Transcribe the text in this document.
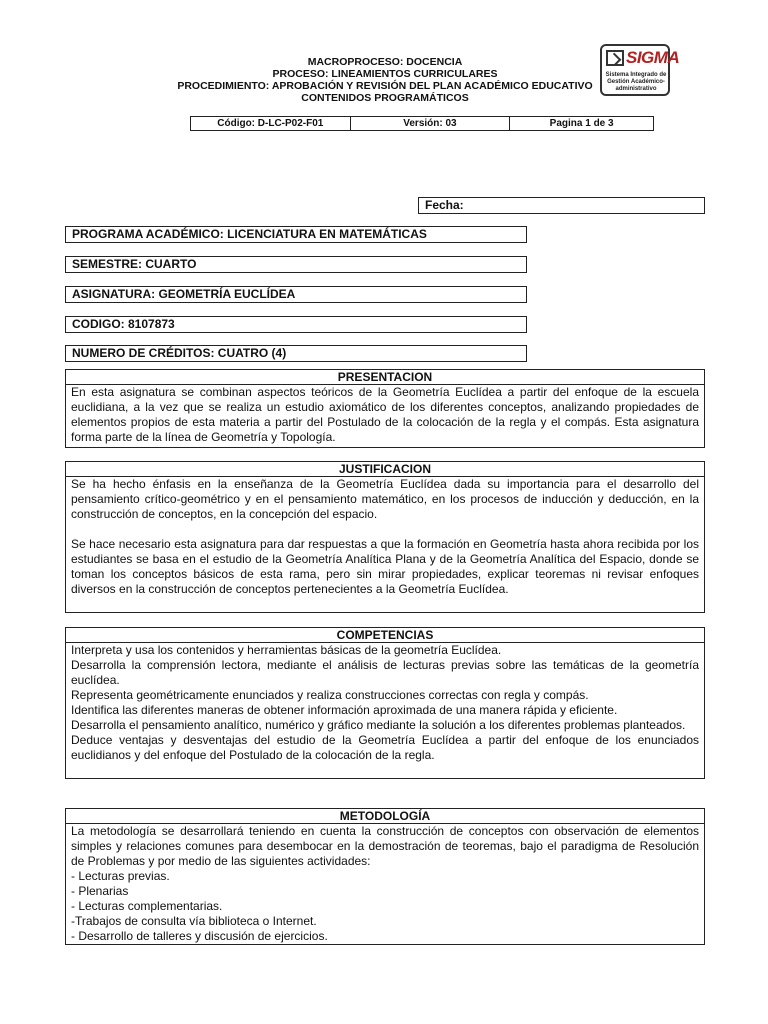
MACROPROCESO: DOCENCIA
PROCESO: LINEAMIENTOS CURRICULARES
PROCEDIMIENTO: APROBACIÓN Y REVISIÓN DEL PLAN ACADÉMICO EDUCATIVO
CONTENIDOS PROGRAMÁTICOS
SIGMA
Sistema Integrado de Gestión Académico-administrativo
Código: D-LC-P02-F01	Versión: 03	Pagina 1 de 3
Fecha:
PROGRAMA ACADÉMICO: LICENCIATURA EN MATEMÁTICAS
SEMESTRE: CUARTO
ASIGNATURA: GEOMETRÍA EUCLÍDEA
CODIGO: 8107873
NUMERO DE CRÉDITOS: CUATRO (4)
PRESENTACION
En esta asignatura se combinan aspectos teóricos de la Geometría Euclídea a partir del enfoque de la escuela euclidiana, a la vez que se realiza un estudio axiomático de los diferentes conceptos, analizando propiedades de elementos propios de esta materia a partir del Postulado de la colocación de la regla y el compás. Esta asignatura forma parte de la línea de Geometría y Topología.
JUSTIFICACION

Se ha hecho énfasis en la enseñanza de la Geometría Euclídea dada su importancia para el desarrollo del pensamiento crítico-geométrico y en el pensamiento matemático, en los procesos de inducción y deducción, en la construcción de conceptos, en la concepción del espacio.

Se hace necesario esta asignatura para dar respuestas a que la formación en Geometría hasta ahora recibida por los estudiantes se basa en el estudio de la Geometría Analítica Plana y de la Geometría Analítica del Espacio, donde se toman los conceptos básicos de esta rama, pero sin mirar propiedades, explicar teoremas ni revisar enfoques diversos en la construcción de conceptos pertenecientes a la Geometría Euclídea.

COMPETENCIAS

Interpreta y usa los contenidos y herramientas básicas de la geometría Euclídea.

Desarrolla la comprensión lectora, mediante el análisis de lecturas previas sobre las temáticas de la geometría euclídea.

Representa geométricamente enunciados y realiza construcciones correctas con regla y compás.

Identifica las diferentes maneras de obtener información aproximada de una manera rápida y eficiente.

Desarrolla el pensamiento analítico, numérico y gráfico mediante la solución a los diferentes problemas planteados.

Deduce ventajas y desventajas del estudio de la Geometría Euclídea a partir del enfoque de los enunciados euclidianos y del enfoque del Postulado de la colocación de la regla.

METODOLOGÍA

La metodología se desarrollará teniendo en cuenta la construcción de conceptos con observación de elementos simples y relaciones comunes para desembocar en la demostración de teoremas, bajo el paradigma de Resolución de Problemas y por medio de las siguientes actividades:

- Lecturas previas.

- Plenarias

- Lecturas complementarias.

-Trabajos de consulta vía biblioteca o Internet.

- Desarrollo de talleres y discusión de ejercicios.
